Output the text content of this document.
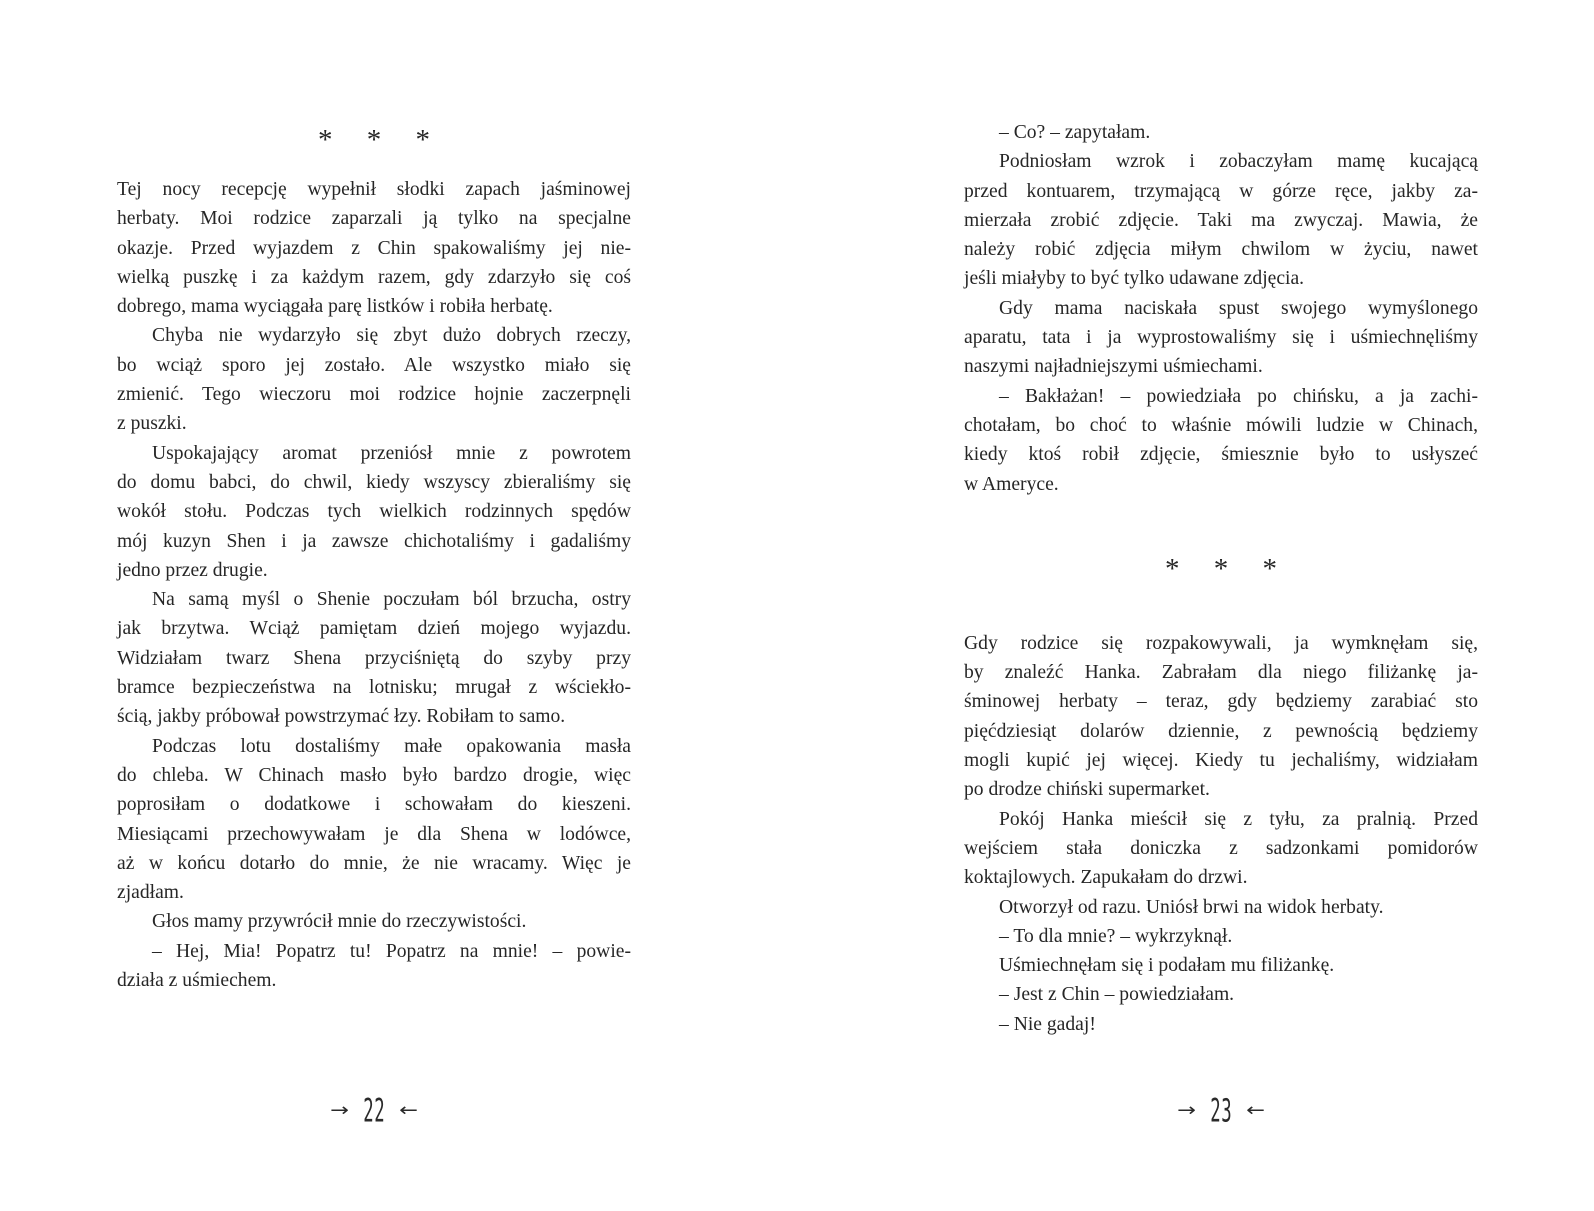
* * *
Tej nocy recepcję wypełnił słodki zapach jaśminowej
herbaty. Moi rodzice zaparzali ją tylko na specjalne
okazje. Przed wyjazdem z Chin spakowaliśmy jej nie-
wielką puszkę i za każdym razem, gdy zdarzyło się coś
dobrego, mama wyciągała parę listków i robiła herbatę.
Chyba nie wydarzyło się zbyt dużo dobrych rzeczy,
bo wciąż sporo jej zostało. Ale wszystko miało się
zmienić. Tego wieczoru moi rodzice hojnie zaczerpnęli
z puszki.
Uspokajający aromat przeniósł mnie z powrotem
do domu babci, do chwil, kiedy wszyscy zbieraliśmy się
wokół stołu. Podczas tych wielkich rodzinnych spędów
mój kuzyn Shen i ja zawsze chichotaliśmy i gadaliśmy
jedno przez drugie.
Na samą myśl o Shenie poczułam ból brzucha, ostry
jak brzytwa. Wciąż pamiętam dzień mojego wyjazdu.
Widziałam twarz Shena przyciśniętą do szyby przy
bramce bezpieczeństwa na lotnisku; mrugał z wściekło-
ścią, jakby próbował powstrzymać łzy. Robiłam to samo.
Podczas lotu dostaliśmy małe opakowania masła
do chleba. W Chinach masło było bardzo drogie, więc
poprosiłam o dodatkowe i schowałam do kieszeni.
Miesiącami przechowywałam je dla Shena w lodówce,
aż w końcu dotarło do mnie, że nie wracamy. Więc je
zjadłam.
Głos mamy przywrócił mnie do rzeczywistości.
– Hej, Mia! Popatrz tu! Popatrz na mnie! – powie-
działa z uśmiechem.
– Co? – zapytałam.
Podniosłam wzrok i zobaczyłam mamę kucającą
przed kontuarem, trzymającą w górze ręce, jakby za-
mierzała zrobić zdjęcie. Taki ma zwyczaj. Mawia, że
należy robić zdjęcia miłym chwilom w życiu, nawet
jeśli miałyby to być tylko udawane zdjęcia.
Gdy mama naciskała spust swojego wymyślonego
aparatu, tata i ja wyprostowaliśmy się i uśmiechnęliśmy
naszymi najładniejszymi uśmiechami.
– Bakłażan! – powiedziała po chińsku, a ja zachi-
chotałam, bo choć to właśnie mówili ludzie w Chinach,
kiedy ktoś robił zdjęcie, śmiesznie było to usłyszeć
w Ameryce.
* * *
Gdy rodzice się rozpakowywali, ja wymknęłam się,
by znaleźć Hanka. Zabrałam dla niego filiżankę ja-
śminowej herbaty – teraz, gdy będziemy zarabiać sto
pięćdziesiąt dolarów dziennie, z pewnością będziemy
mogli kupić jej więcej. Kiedy tu jechaliśmy, widziałam
po drodze chiński supermarket.
Pokój Hanka mieścił się z tyłu, za pralnią. Przed
wejściem stała doniczka z sadzonkami pomidorów
koktajlowych. Zapukałam do drzwi.
Otworzył od razu. Uniósł brwi na widok herbaty.
– To dla mnie? – wykrzyknął.
Uśmiechnęłam się i podałam mu filiżankę.
– Jest z Chin – powiedziałam.
– Nie gadaj!
→ 22 ←	→ 23 ←
